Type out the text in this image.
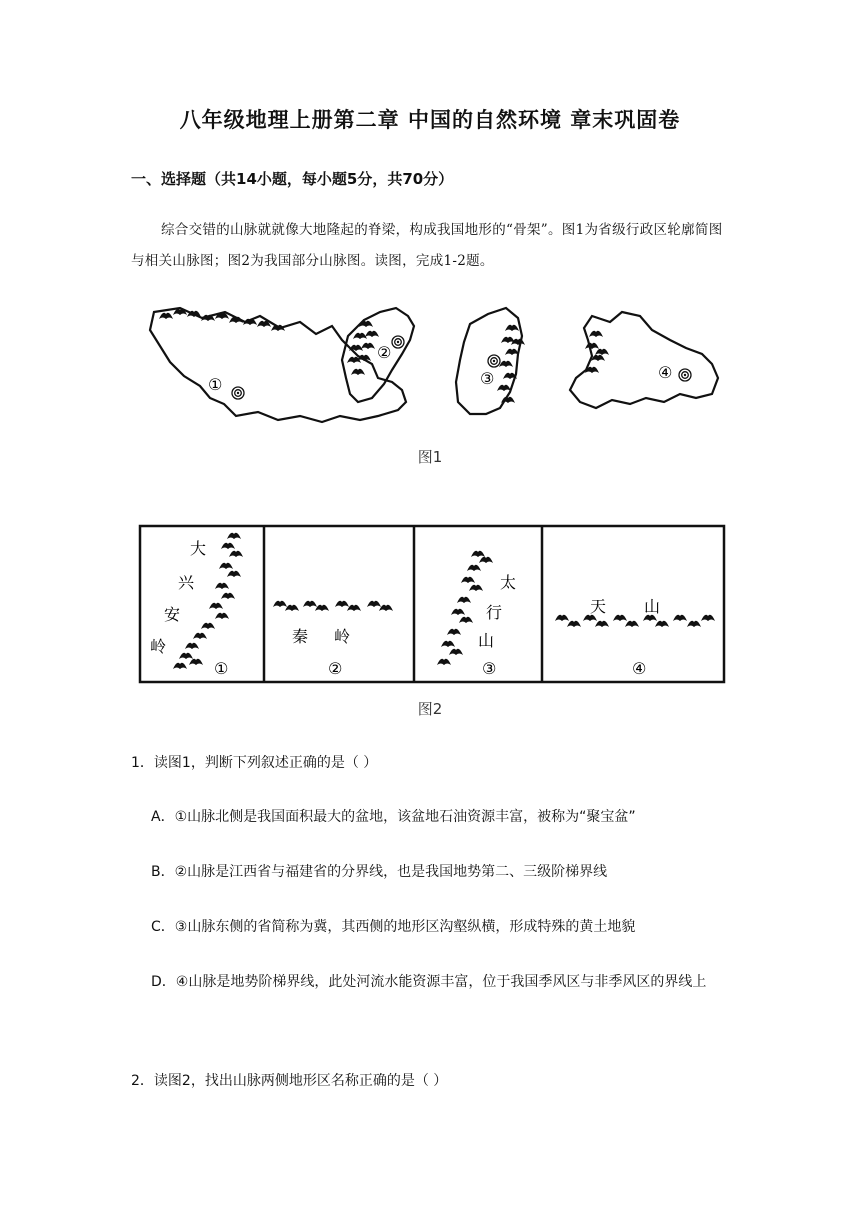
八年级地理上册第二章 中国的自然环境 章末巩固卷
一、选择题（共14小题，每小题5分，共70分）
综合交错的山脉就就像大地隆起的脊梁，构成我国地形的“骨架”。图1为省级行政区轮廓简图与相关山脉图；图2为我国部分山脉图。读图，完成1-2题。
①
②
③	④
图1
大
兴
安
岭
①
秦 岭
②
太
行
山
③
天 山
④
图2
1．读图1，判断下列叙述正确的是（ ）
A．①山脉北侧是我国面积最大的盆地，该盆地石油资源丰富，被称为“聚宝盆”
B．②山脉是江西省与福建省的分界线，也是我国地势第二、三级阶梯界线
C．③山脉东侧的省简称为冀，其西侧的地形区沟壑纵横，形成特殊的黄土地貌
D．④山脉是地势阶梯界线，此处河流水能资源丰富，位于我国季风区与非季风区的界线上
2．读图2，找出山脉两侧地形区名称正确的是（ ）
